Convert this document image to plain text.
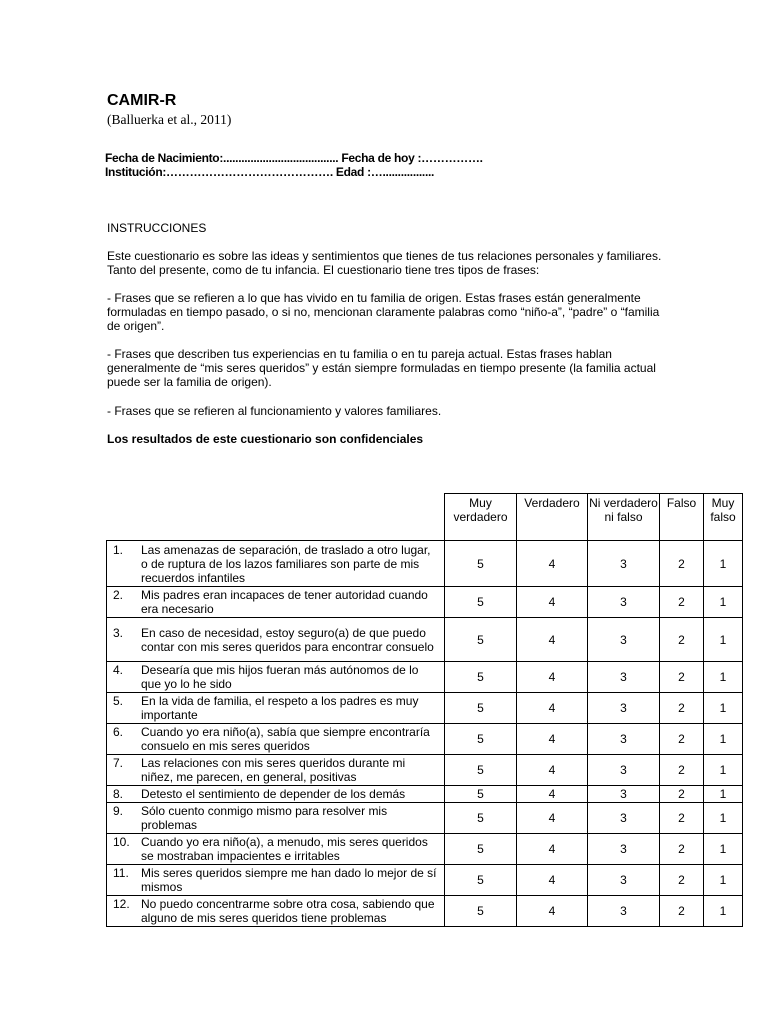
CAMIR-R
(Balluerka et al., 2011)
Fecha de Nacimiento:...................................... Fecha de hoy :…………….
Institución:……………………………………. Edad :….................
INSTRUCCIONES
Este cuestionario es sobre las ideas y sentimientos que tienes de tus relaciones personales y familiares. Tanto del presente, como de tu infancia. El cuestionario tiene tres tipos de frases:
- Frases que se refieren a lo que has vivido en tu familia de origen. Estas frases están generalmente formuladas en tiempo pasado, o si no, mencionan claramente palabras como “niño-a”, “padre” o “familia de origen”.
- Frases que describen tus experiencias en tu familia o en tu pareja actual. Estas frases hablan generalmente de “mis seres queridos” y están siempre formuladas en tiempo presente (la familia actual puede ser la familia de origen).
- Frases que se refieren al funcionamiento y valores familiares.
Los resultados de este cuestionario son confidenciales
	Muy verdadero	Verdadero	Ni verdadero ni falso	Falso	Muy falso

1. Las amenazas de separación, de traslado a otro lugar, o de ruptura de los lazos familiares son parte de mis recuerdos infantiles	5	4	3	2	1

2. Mis padres eran incapaces de tener autoridad cuando era necesario	5	4	3	2	1

3. En caso de necesidad, estoy seguro(a) de que puedo contar con mis seres queridos para encontrar consuelo	5	4	3	2	1

4. Desearía que mis hijos fueran más autónomos de lo que yo lo he sido	5	4	3	2	1

5. En la vida de familia, el respeto a los padres es muy importante	5	4	3	2	1

6. Cuando yo era niño(a), sabía que siempre encontraría consuelo en mis seres queridos	5	4	3	2	1

7. Las relaciones con mis seres queridos durante mi niñez, me parecen, en general, positivas	5	4	3	2	1

8. Detesto el sentimiento de depender de los demás	5	4	3	2	1

9. Sólo cuento conmigo mismo para resolver mis problemas	5	4	3	2	1

10. Cuando yo era niño(a), a menudo, mis seres queridos se mostraban impacientes e irritables	5	4	3	2	1

11. Mis seres queridos siempre me han dado lo mejor de sí mismos	5	4	3	2	1

12. No puedo concentrarme sobre otra cosa, sabiendo que alguno de mis seres queridos tiene problemas	5	4	3	2	1
